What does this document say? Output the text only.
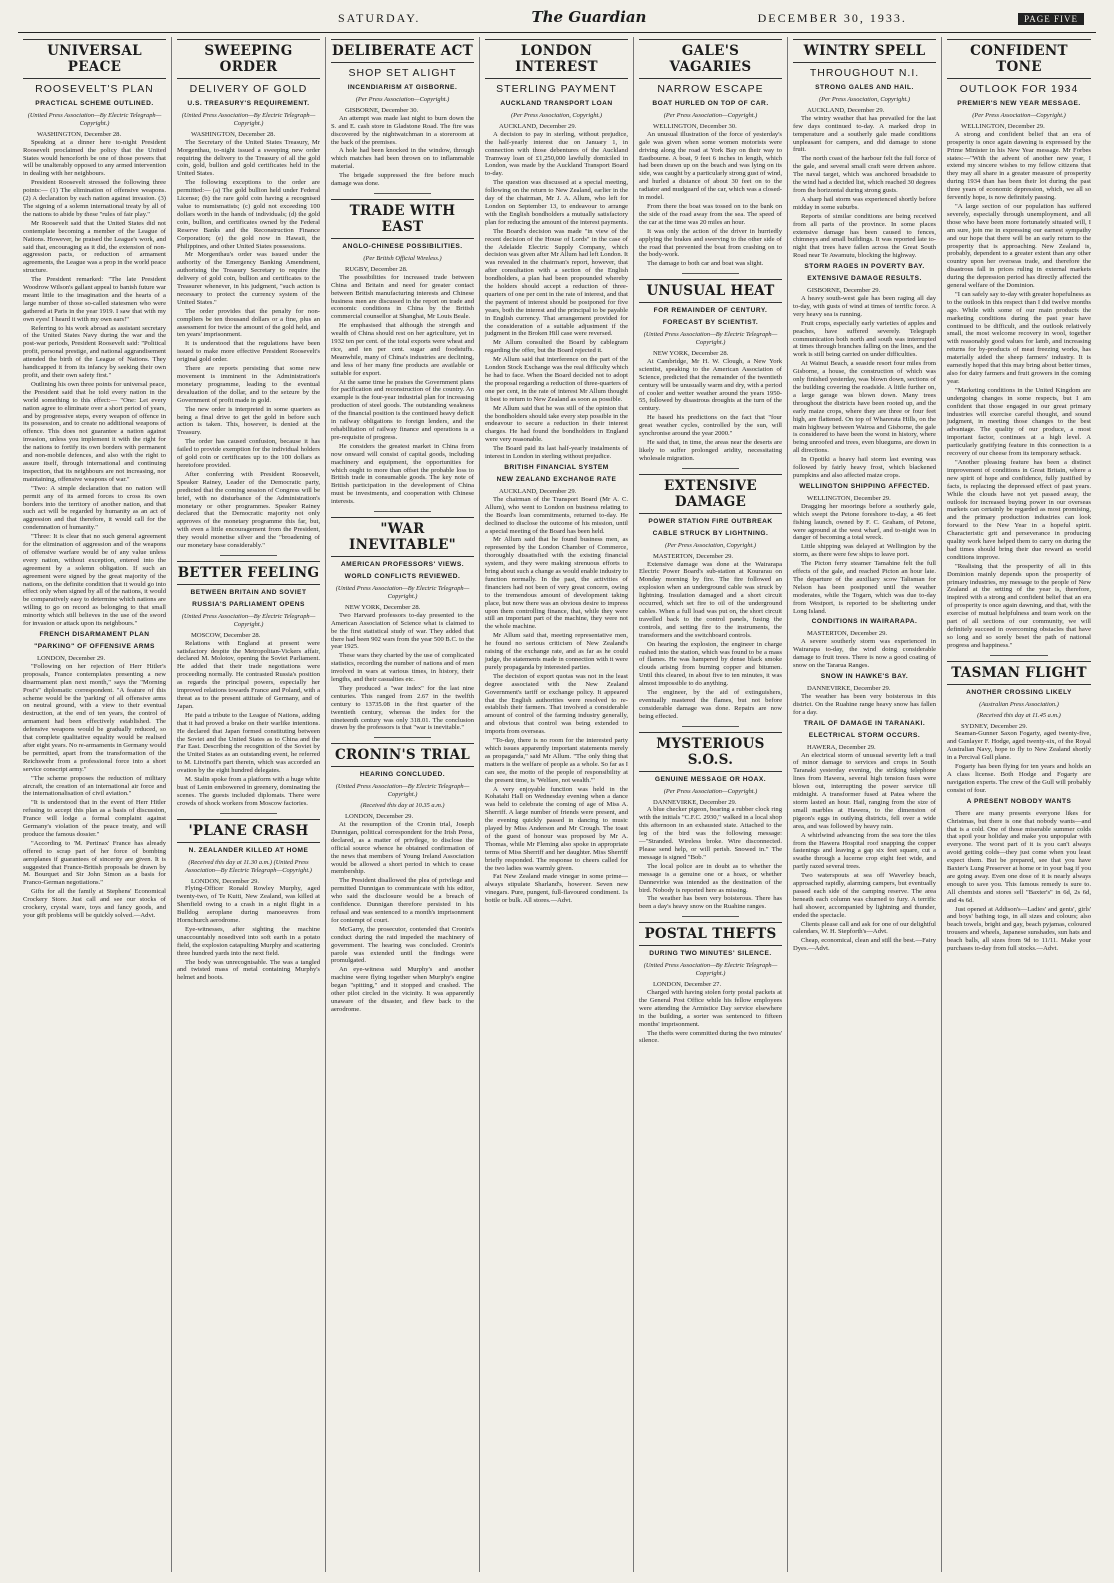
SATURDAY.	The Guardian	DECEMBER 30, 1933.	PAGE FIVE
UNIVERSAL PEACE
ROOSEVELT'S PLAN
PRACTICAL SCHEME OUTLINED.
(United Press Association—By Electric Telegraph—Copyright.)
WASHINGTON, December 28.

Speaking at a dinner here to-night President Roosevelt proclaimed the policy that the United States would henceforth be one of those powers that will be unalterably opposed to any armed intervention in dealing with her neighbours.

President Roosevelt stressed the following three points:— (1) The elimination of offensive weapons. (2) A declaration by each nation against invasion. (3) The signing of a solemn international treaty by all of the nations to abide by these "rules of fair play."

Mr Roosevelt said that the United States did not contemplate becoming a member of the League of Nations. However, he praised the League's work, and said that, encouraging as it did, the extension of non-aggression pacts, or reduction of armament agreements, the League was a prop in the world peace structure.

The President remarked: "The late President Woodrow Wilson's gallant appeal to banish future war meant little to the imagination and the hearts of a large number of those so-called statesmen who were gathered at Paris in the year 1919. I saw that with my own eyes! I heard it with my own ears!"

Referring to his work abroad as assistant secretary of the United States Navy during the war and the post-war periods, President Roosevelt said: "Political profit, personal prestige, and national aggrandisement attended the birth of the League of Nations. They handicapped it from its infancy by seeking their own profit, and their own safety first."

Outlining his own three points for universal peace, the President said that he told every nation in the world something to this effect:— "One: Let every nation agree to eliminate over a short period of years, and by progressive steps, every weapon of offence in its possession, and to create no additional weapons of offence. This does not guarantee a nation against invasion, unless you implement it with the right for the nations to fortify its own borders with permanent and non-mobile defences, and also with the right to assure itself, through international and continuing inspection, that its neighbours are not increasing, nor maintaining, offensive weapons of war."

"Two: A simple declaration that no nation will permit any of its armed forces to cross its own borders into the territory of another nation, and that such act will be regarded by humanity as an act of aggression and that therefore, it would call for the condemnation of humanity."

"Three: It is clear that no such general agreement for the elimination of aggression and of the weapons of offensive warfare would be of any value unless every nation, without exception, entered into the agreement by a solemn obligation. If such an agreement were signed by the great majority of the nations, on the definite condition that it would go into effect only when signed by all of the nations, it would be comparatively easy to determine which nations are willing to go on record as belonging to that small minority which still believes in the use of the sword for invasion or attack upon its neighbours."

FRENCH DISARMAMENT PLAN
"PARKING" OF OFFENSIVE ARMS
LONDON, December 29.

"Following on her rejection of Herr Hitler's proposals, France contemplates presenting a new disarmament plan next month," says the "Morning Post's" diplomatic correspondent. "A feature of this scheme would be the 'parking' of all offensive arms on neutral ground, with a view to their eventual destruction, at the end of ten years, the control of armament had been effectively established. The defensive weapons would be gradually reduced, so that complete qualitative equality would be realised after eight years. No re-armaments in Germany would be permitted, apart from the transformation of the Reichswehr from a professional force into a short service conscript army."

"The scheme proposes the reduction of military aircraft, the creation of an international air force and the internationalisation of civil aviation."

"It is understood that in the event of Herr Hitler refusing to accept this plan as a basis of discussion, France will lodge a formal complaint against Germany's violation of the peace treaty, and will produce the famous dossier."

"According to 'M. Pertinax' France has already offered to scrap part of her force of bombing aeroplanes if guarantees of sincerity are given. It is suggested that France-British proposals be drawn by M. Bourquet and Sir John Simon as a basis for Franco-German negotiations."

Gifts for all the family at Stephens' Economical Crockery Store. Just call and see our stocks of crockery, crystal ware, toys and fancy goods, and your gift problems will be quickly solved.—Advt.

SWEEPING ORDER
DELIVERY OF GOLD
U.S. TREASURY'S REQUIREMENT.
(United Press Association—By Electric Telegraph—Copyright.)
WASHINGTON, December 28.

The Secretary of the United States Treasury, Mr Morgenthau, to-night issued a sweeping new order requiring the delivery to the Treasury of all the gold coin, gold, bullion and gold certificates held in the United States.

The following exceptions to the order are permitted:— (a) The gold bullion held under Federal License; (b) the rare gold coin having a recognised value to numismatists; (c) gold not exceeding 100 dollars worth in the hands of individuals; (d) the gold coin, bullion, and certificates owned by the Federal Reserve Banks and the Reconstruction Finance Corporation; (e) the gold now in Hawaii, the Philippines, and other United States possessions.

Mr Morgenthau's order was issued under the authority of the Emergency Banking Amendment, authorising the Treasury Secretary to require the delivery of gold coin, bullion and certificates to the Treasurer whenever, in his judgment, "such action is necessary to protect the currency system of the United States."

The order provides that the penalty for non-compliers be ten thousand dollars or a fine, plus an assessment for twice the amount of the gold held, and ten years' imprisonment.

It is understood that the regulations have been issued to make more effective President Roosevelt's original gold order.

There are reports persisting that some new movement is imminent in the Administration's monetary programme, leading to the eventual devaluation of the dollar, and to the seizure by the Government of profit made in gold.

The new order is interpreted in some quarters as being a final drive to get the gold in before such action is taken. This, however, is denied at the Treasury.

The order has caused confusion, because it has failed to provide exemption for the individual holders of gold coin or certificates up to the 100 dollars as heretofore provided.

After conferring with President Roosevelt, Speaker Rainey, Leader of the Democratic party, predicted that the coming session of Congress will be brief, with no disturbance of the Administration's monetary or other programmes. Speaker Rainey declared that the Democratic majority not only approves of the monetary programme this far, but, with even a little encouragement from the President, they would monetise silver and the "broadening of our monetary base considerably."

BETTER FEELING
BETWEEN BRITAIN AND SOVIET
RUSSIA'S PARLIAMENT OPENS
(United Press Association—By Electric Telegraph—Copyright.)
MOSCOW, December 28.

Relations with England at present were satisfactory despite the Metropolitan-Vickers affair, declared M. Molotov, opening the Soviet Parliament. He added that their trade negotiations were proceeding normally. He contrasted Russia's position as regards the principal powers, especially her improved relations towards France and Poland, with a threat as to the present attitude of Germany, and of Japan.

He paid a tribute to the League of Nations, adding that it had proved a brake on their warlike intentions. He declared that Japan formed constituting between the Soviet and the United States as to China and the Far East. Describing the recognition of the Soviet by the United States as an outstanding event, he referred to M. Litvinoff's part therein, which was accorded an ovation by the eight hundred delegates.

M. Stalin spoke from a platform with a huge white bust of Lenin embowered in greenery, dominating the scenes. The guests included diplomats. There were crowds of shock workers from Moscow factories.

'PLANE CRASH
N. ZEALANDER KILLED AT HOME
(Received this day at 11.30 a.m.) (United Press Association—By Electric Telegraph—Copyright.)
LONDON, December 29.

Flying-Officer Ronald Rowley Murphy, aged twenty-two, of Te Kuiti, New Zealand, was killed at Shenfield owing to a crash in a night flight in a Bulldog aeroplane during manoeuvres from Hornchurch aerodrome.

Eye-witnesses, after sighting the machine unaccountably nosedived into soft earth in a potato field, the explosion catapulting Murphy and scattering three hundred yards into the next field.

The body was unrecognisable. The was a tangled and twisted mass of metal containing Murphy's helmet and boots.

DELIBERATE ACT
SHOP SET ALIGHT
INCENDIARISM AT GISBORNE.
(Per Press Association—Copyright.)
GISBORNE, December 30.

An attempt was made last night to burn down the S. and E. cash store in Gladstone Road. The fire was discovered by the nightwatchman in a storeroom at the back of the premises.

A hole had been knocked in the window, through which matches had been thrown on to inflammable material.

The brigade suppressed the fire before much damage was done.

TRADE WITH EAST
ANGLO-CHINESE POSSIBILITIES.
(Per British Official Wireless.)
RUGBY, December 28.

The possibilities for increased trade between China and Britain and need for greater contact between British manufacturing interests and Chinese business men are discussed in the report on trade and economic conditions in China by the British commercial counsellor at Shanghai, Mr Louis Beale.

He emphasised that although the strength and wealth of China should rest on her agriculture, yet in 1932 ten per cent. of the total exports were wheat and rice, and ten per cent. sugar and foodstuffs. Meanwhile, many of China's industries are declining, and less of her many fine products are available or suitable for export.

At the same time he praises the Government plans for pacification and reconstruction of the country. An example is the four-year industrial plan for increasing production of steel goods. The outstanding weakness of the financial position is the continued heavy deficit in railway obligations to foreign lenders, and the rehabilitation of railway finance and operations is a pre-requisite of progress.

He considers the greatest market in China from now onward will consist of capital goods, including machinery and equipment, the opportunities for which ought to more than offset the probable loss to British trade in consumable goods. The key note of British participation in the development of China must be investments, and cooperation with Chinese interests.

"WAR INEVITABLE"
AMERICAN PROFESSORS' VIEWS.
WORLD CONFLICTS REVIEWED.
(United Press Association—By Electric Telegraph—Copyright.)
NEW YORK, December 28.

Two Harvard professors to-day presented to the American Association of Science what is claimed to be the first statistical study of war. They added that there had been 902 wars from the year 500 B.C. to the year 1925.

These wars they charted by the use of complicated statistics, recording the number of nations and of men involved in wars at various times, in history, their lengths, and their casualties etc.

They produced a "war index" for the last nine centuries. This ranged from 2.67 in the twelfth century to 13735.08 in the first quarter of the twentieth century, whereas the index for the nineteenth century was only 318.01. The conclusion drawn by the professors is that "war is inevitable."

CRONIN'S TRIAL
HEARING CONCLUDED.
(United Press Association—By Electric Telegraph—Copyright.)
(Received this day at 10.35 a.m.)
LONDON, December 29.

At the resumption of the Cronin trial, Joseph Dunnigan, political correspondent for the Irish Press, declared, as a matter of privilege, to disclose the official source whence he obtained confirmation of the news that members of Young Ireland Association would be allowed a short period in which to cease membership.

The President disallowed the plea of privilege and permitted Dunnigan to communicate with his editor, who said the disclosure would be a breach of confidence. Dunnigan therefore persisted in his refusal and was sentenced to a month's imprisonment for contempt of court.

McGarry, the prosecutor, contended that Cronin's conduct during the raid impeded the machinery of government. The hearing was concluded. Cronin's parole was extended until the findings were promulgated.

An eye-witness said Murphy's and another machine were flying together when Murphy's engine began "spitting," and it stopped and crashed. The other pilot circled in the vicinity. It was apparently unaware of the disaster, and flew back to the aerodrome.

LONDON INTEREST
STERLING PAYMENT
AUCKLAND TRANSPORT LOAN
(Per Press Association, Copyright.)
AUCKLAND, December 29.

A decision to pay in sterling, without prejudice, the half-yearly interest due on January 1, in connection with those debentures of the Auckland Tramway loan of £1,250,000 lawfully domiciled in London, was made by the Auckland Transport Board to-day.

The question was discussed at a special meeting, following on the return to New Zealand, earlier in the day of the chairman, Mr J. A. Allum, who left for London on September 13, to endeavour to arrange with the English bondholders a mutually satisfactory plan for reducing the amount of the interest payments.

The Board's decision was made "in view of the recent decision of the House of Lords" in the case of the Adelaide Electric Supply Company, which decision was given after Mr Allum had left London. It was revealed in the chairman's report, however, that after consultation with a section of the English bondholders, a plan had been propounded whereby the holders should accept a reduction of three-quarters of one per cent in the rate of interest, and that the payment of interest should be postponed for five years, both the interest and the principal to be payable in English currency. That arrangement provided for the consideration of a suitable adjustment if the judgment in the Broken Hill case were reversed.

Mr Allum consulted the Board by cablegram regarding the offer, but the Board rejected it.

Mr Allum said that interference on the part of the London Stock Exchange was the real difficulty which he had to face. When the Board decided not to adopt the proposal regarding a reduction of three-quarters of one per cent, in the rate of interest Mr Allum thought it best to return to New Zealand as soon as possible.

Mr Allum said that he was still of the opinion that the bondholders should take every step possible in the endeavour to secure a reduction in their interest charges. He had found the bondholders in England were very reasonable.

The Board paid its last half-yearly instalments of interest in London in sterling without prejudice.

BRITISH FINANCIAL SYSTEM
NEW ZEALAND EXCHANGE RATE
AUCKLAND, December 29.

The chairman of the Transport Board (Mr A. C. Allum), who went to London on business relating to the Board's loan commitments, returned to-day. He declined to disclose the outcome of his mission, until a special meeting of the Board has been held.

Mr Allum said that he found business men, as represented by the London Chamber of Commerce, thoroughly dissatisfied with the existing financial system, and they were making strenuous efforts to bring about such a change as would enable industry to function normally. In the past, the activities of financiers had not been of very great concern, owing to the tremendous amount of development taking place, but now there was an obvious desire to impress upon them controlling finance, that, while they were still an important part of the machine, they were not the whole machine.

Mr Allum said that, meeting representative men, he found no serious criticism of New Zealand's raising of the exchange rate, and as far as he could judge, the statements made in connection with it were purely propaganda by interested parties.

The decision of export quotas was not in the least degree associated with the New Zealand Government's tariff or exchange policy. It appeared that the English authorities were resolved to re-establish their farmers. That involved a considerable amount of control of the farming industry generally, and obvious that control was being extended to imports from overseas.

"To-day, there is no room for the interested party which issues apparently important statements merely as propaganda," said Mr Allum. "The only thing that matters is the welfare of people as a whole. So far as I can see, the motto of the people of responsibility at the present time, is 'Welfare, not wealth.'"

A very enjoyable function was held in the Kohatahi Hall on Wednesday evening when a dance was held to celebrate the coming of age of Miss A. Sherriff. A large number of friends were present, and the evening quickly passed in dancing to music played by Miss Anderson and Mr Crough. The toast of the guest of honour was proposed by Mr A. Thomas, while Mr Fleming also spoke in appropriate terms of Miss Sherriff and her daughter. Miss Sherriff briefly responded. The response to cheers called for the two ladies was warmly given.

Fat New Zealand made vinegar in some prime—always stipulate Sharland's, however. Seven new vinegars. Pure, pungent, full-flavoured condiment. 1s bottle or bulk. All stores.—Advt.

GALE'S VAGARIES
NARROW ESCAPE
BOAT HURLED ON TOP OF CAR.
(Per Press Association—Copyright.)
WELLINGTON, December 30.

An unusual illustration of the force of yesterday's gale was given when some women motorists were driving along the road at York Bay on their way to Eastbourne. A boat, 9 feet 6 inches in length, which had been drawn up on the beach and was lying on its side, was caught by a particularly strong gust of wind, and hurled a distance of about 30 feet on to the radiator and mudguard of the car, which was a closed-in model.

From there the boat was tossed on to the bank on the side of the road away from the sea. The speed of the car at the time was 20 miles an hour.

It was only the action of the driver in hurriedly applying the brakes and swerving to the other side of the road that prevented the boat from crashing on to the body-work.

The damage to both car and boat was slight.

UNUSUAL HEAT
FOR REMAINDER OF CENTURY.
FORECAST BY SCIENTIST.
(United Press Association—By Electric Telegraph—Copyright.)
NEW YORK, December 28.

At Cambridge, Mr H. W. Clough, a New York scientist, speaking to the American Association of Science, predicted that the remainder of the twentieth century will be unusually warm and dry, with a period of cooler and wetter weather around the years 1950-55, followed by disastrous droughts at the turn of the century.

He based his predictions on the fact that "four great weather cycles, controlled by the sun, will synchronise around the year 2000."

He said that, in time, the areas near the deserts are likely to suffer prolonged aridity, necessitating wholesale migration.

EXTENSIVE DAMAGE
POWER STATION FIRE OUTBREAK
CABLE STRUCK BY LIGHTNING.
(Per Press Association, Copyright.)
MASTERTON, December 29.

Extensive damage was done at the Wairarapa Electric Power Board's sub-station at Kourarau on Monday morning by fire. The fire followed an explosion when an underground cable was struck by lightning. Insulation damaged and a short circuit occurred, which set fire to oil of the underground cables. When a full load was put on, the short circuit travelled back to the control panels, fusing the controls, and setting fire to the instruments, the transformers and the switchboard controls.

On hearing the explosion, the engineer in charge rushed into the station, which was found to be a mass of flames. He was hampered by dense black smoke clouds arising from burning copper and bitumen. Until this cleared, in about five to ten minutes, it was almost impossible to do anything.

The engineer, by the aid of extinguishers, eventually mastered the flames, but not before considerable damage was done. Repairs are now being effected.

MYSTERIOUS S.O.S.
GENUINE MESSAGE OR HOAX.
(Per Press Association—Copyright.)
DANNEVIRKE, December 29.

A blue checker pigeon, bearing a rubber clock ring with the initials "C.F.C. 2930," walked in a local shop this afternoon in an exhausted state. Attached to the leg of the bird was the following message:—"Stranded. Wireless broke. Wire disconnected. Please send help, or will perish. Snowed in." The message is signed "Bob."

The local police are in doubt as to whether the message is a genuine one or a hoax, or whether Dannevirke was intended as the destination of the bird. Nobody is reported here as missing.

The weather has been very boisterous. There has been a day's heavy snow on the Ruahine ranges.

POSTAL THEFTS
DURING TWO MINUTES' SILENCE.
(United Press Association—By Electric Telegraph—Copyright.)
LONDON, December 27.

Charged with having stolen forty postal packets at the General Post Office while his fellow employees were attending the Armistice Day service elsewhere in the building, a sorter was sentenced to fifteen months' imprisonment.

The thefts were committed during the two minutes' silence.

WINTRY SPELL
THROUGHOUT N.I.
STRONG GALES AND HAIL.
(Per Press Association, Copyright.)
AUCKLAND, December 29.

The wintry weather that has prevailed for the last few days continued to-day. A marked drop in temperature and a southerly gale made conditions unpleasant for campers, and did damage to stone fruit.

The north coast of the harbour felt the full force of the gale, and several small craft were driven ashore. The naval target, which was anchored broadside to the wind had a decided list, which reached 30 degrees from the horizontal during strong gusts.

A sharp hail storm was experienced shortly before midday in some suburbs.

Reports of similar conditions are being received from all parts of the province. In some places extensive damage has been caused to fences, chimneys and small buildings. It was reported late to-night that trees have fallen across the Great South Road near Te Awamutu, blocking the highway.

STORM RAGES IN POVERTY BAY.
EXTENSIVE DAMAGE RESULTS.
GISBORNE, December 29.

A heavy south-west gale has been raging all day to-day, with gusts of wind at times of terrific force. A very heavy sea is running.

Fruit crops, especially early varieties of apples and peaches, have suffered severely. Telegraph communication both north and south was interrupted at times through branches falling on the lines, and the work is still being carried on under difficulties.

At Wainui Beach, a seaside resort four miles from Gisborne, a house, the construction of which was only finished yesterday, was blown down, sections of the building covering the roadside. A little further on, a large garage was blown down. Many trees throughout the districts have been rooted up, and the early maize crops, where they are three or four feet high, are flattened. On top of Wharerata Hills, on the main highway between Wairoa and Gisborne, the gale is considered to have been the worst in history, where being unroofed and trees, even bluegums, are down in all directions.

In Opotiki a heavy hail storm last evening was followed by fairly heavy frost, which blackened pumpkins and also affected maize crops.

WELLINGTON SHIPPING AFFECTED.
WELLINGTON, December 29.

Dragging her moorings before a southerly gale, which swept the Petone foreshore to-day, a 46 feet fishing launch, owned by F. C. Graham, of Petone, were aground at the west wharf, and to-night was in danger of becoming a total wreck.

Little shipping was delayed at Wellington by the storm, as there were few ships to leave port.

The Picton ferry steamer Tamahine felt the full effects of the gale, and reached Picton an hour late. The departure of the auxiliary scow Talisman for Nelson has been postponed until the weather moderates, while the Togarn, which was due to-day from Westport, is reported to be sheltering under Long Island.

CONDITIONS IN WAIRARAPA.
MASTERTON, December 29.

A severe southerly storm was experienced in Wairarapa to-day, the wind doing considerable damage to fruit trees. There is now a good coating of snow on the Tararua Ranges.

SNOW IN HAWKE'S BAY.
DANNEVIRKE, December 29.

The weather has been very boisterous in this district. On the Ruahine range heavy snow has fallen for a day.

TRAIL OF DAMAGE IN TARANAKI.
ELECTRICAL STORM OCCURS.
HAWERA, December 29.

An electrical storm of unusual severity left a trail of minor damage to services and crops in South Taranaki yesterday evening, the striking telephone lines from Hawera, several high tension fuses were blown out, interrupting the power service till midnight. A transformer fused at Patea where the storm lasted an hour. Hail, ranging from the size of small marbles at Hawera, to the dimension of pigeon's eggs in outlying districts, fell over a wide area, and was followed by heavy rain.

A whirlwind advancing from the sea tore the tiles from the Hawera Hospital roof snapping the copper fastenings and leaving a gap six feet square, cut a swathe through a lucerne crop eight feet wide, and partly razed several trees.

Two waterspouts at sea off Waverley beach, approached rapidly, alarming campers, but eventually passed each side of the camping reserve. The area beneath each column was churned to fury. A terrific hail shower, accompanied by lightning and thunder, ended the spectacle.

Clients please call and ask for one of our delightful calendars, W. H. Stepforth's—Advt.

Cheap, economical, clean and still the best.—Fairy Dyes.—Advt.

CONFIDENT TONE
OUTLOOK FOR 1934
PREMIER'S NEW YEAR MESSAGE.
(Per Press Association—Copyright.)
WELLINGTON, December 29.

A strong and confident belief that an era of prosperity is once again dawning is expressed by the Prime Minister in his New Year message. Mr Forbes states:—"With the advent of another new year, I extend my sincere wishes to my fellow citizens that they may all share in a greater measure of prosperity during 1934 than has been their lot during the past three years of economic depression, which, we all so fervently hope, is now definitely passing.

"A large section of our population has suffered severely, especially through unemployment, and all those who have been more fortunately situated will, I am sure, join me in expressing our earnest sympathy and our hope that there will be an early return to the prosperity that is approaching. New Zealand is, probably, dependent to a greater extent than any other country upon her overseas trade, and therefore the disastrous fall in prices ruling in external markets during the depression period has directly affected the general welfare of the Dominion.

"I can safely say to-day with greater hopefulness as to the outlook in this respect than I did twelve months ago. While with some of our main products the marketing conditions during the past year have continued to be difficult, and the outlook relatively small, the most welcome recovery in wool, together with reasonably good values for lamb, and increasing returns for by-products of meat freezing works, has materially aided the sheep farmers' industry. It is earnestly hoped that this may bring about better times, also for dairy farmers and fruit growers in the coming year.

"Marketing conditions in the United Kingdom are undergoing changes in some respects, but I am confident that those engaged in our great primary industries will exercise careful thought, and sound judgment, in meeting those changes to the best advantage. The quality of our produce, a most important factor, continues at a high level. A particularly gratifying feature in this connection is a recovery of our cheese from its temporary setback.

"Another pleasing feature has been a distinct improvement of conditions in Great Britain, where a new spirit of hope and confidence, fully justified by facts, is replacing the depressed effect of past years. While the clouds have not yet passed away, the outlook for increased buying power in our overseas markets can certainly be regarded as most promising, and the primary production industries can look forward to the New Year in a hopeful spirit. Characteristic grit and perseverance in producing quality work have helped them to carry on during the bad times should bring their due reward as world conditions improve.

"Realising that the prosperity of all in this Dominion mainly depends upon the prosperity of primary industries, my message to the people of New Zealand at the setting of the year is, therefore, inspired with a strong and confident belief that an era of prosperity is once again dawning, and that, with the exercise of mutual helpfulness and team work on the part of all sections of our community, we will definitely succeed in overcoming obstacles that have so long and so sorely beset the path of national progress and happiness."

TASMAN FLIGHT
ANOTHER CROSSING LIKELY
(Australian Press Association.)
(Received this day at 11.45 a.m.)
SYDNEY, December 29.

Seaman-Gunner Saxon Fogarty, aged twenty-five, and Gunlayer F. Hodge, aged twenty-six, of the Royal Australian Navy, hope to fly to New Zealand shortly in a Percival Gull plane.

Fogarty has been flying for ten years and holds an A class license. Both Hodge and Fogarty are navigation experts. The crew of the Gull will probably consist of four.

A PRESENT NOBODY WANTS

There are many presents everyone likes for Christmas, but there is one that nobody wants—and that is a cold. One of those miserable summer colds that spoil your holiday and make you unpopular with everyone. The worst part of it is you can't always avoid getting colds—they just come when you least expect them. But be prepared, see that you have Baxter's Lung Preserver at home or in your bag if you are going away. Even one dose of it is nearly always enough to save you. This famous remedy is sure to. All chemists and stores sell "Baxter's" in 6d, 2s 6d, and 4s 6d.

Just opened at Addison's—Ladies' and gents', girls' and boys' bathing togs, in all sizes and colours; also beach towels, bright and gay, beach pyjamas, coloured trousers and wheels, Japanese sunshades, sun hats and beach balls, all sizes from 9d to 11/11. Make your purchases to-day from full stocks.—Advt.
